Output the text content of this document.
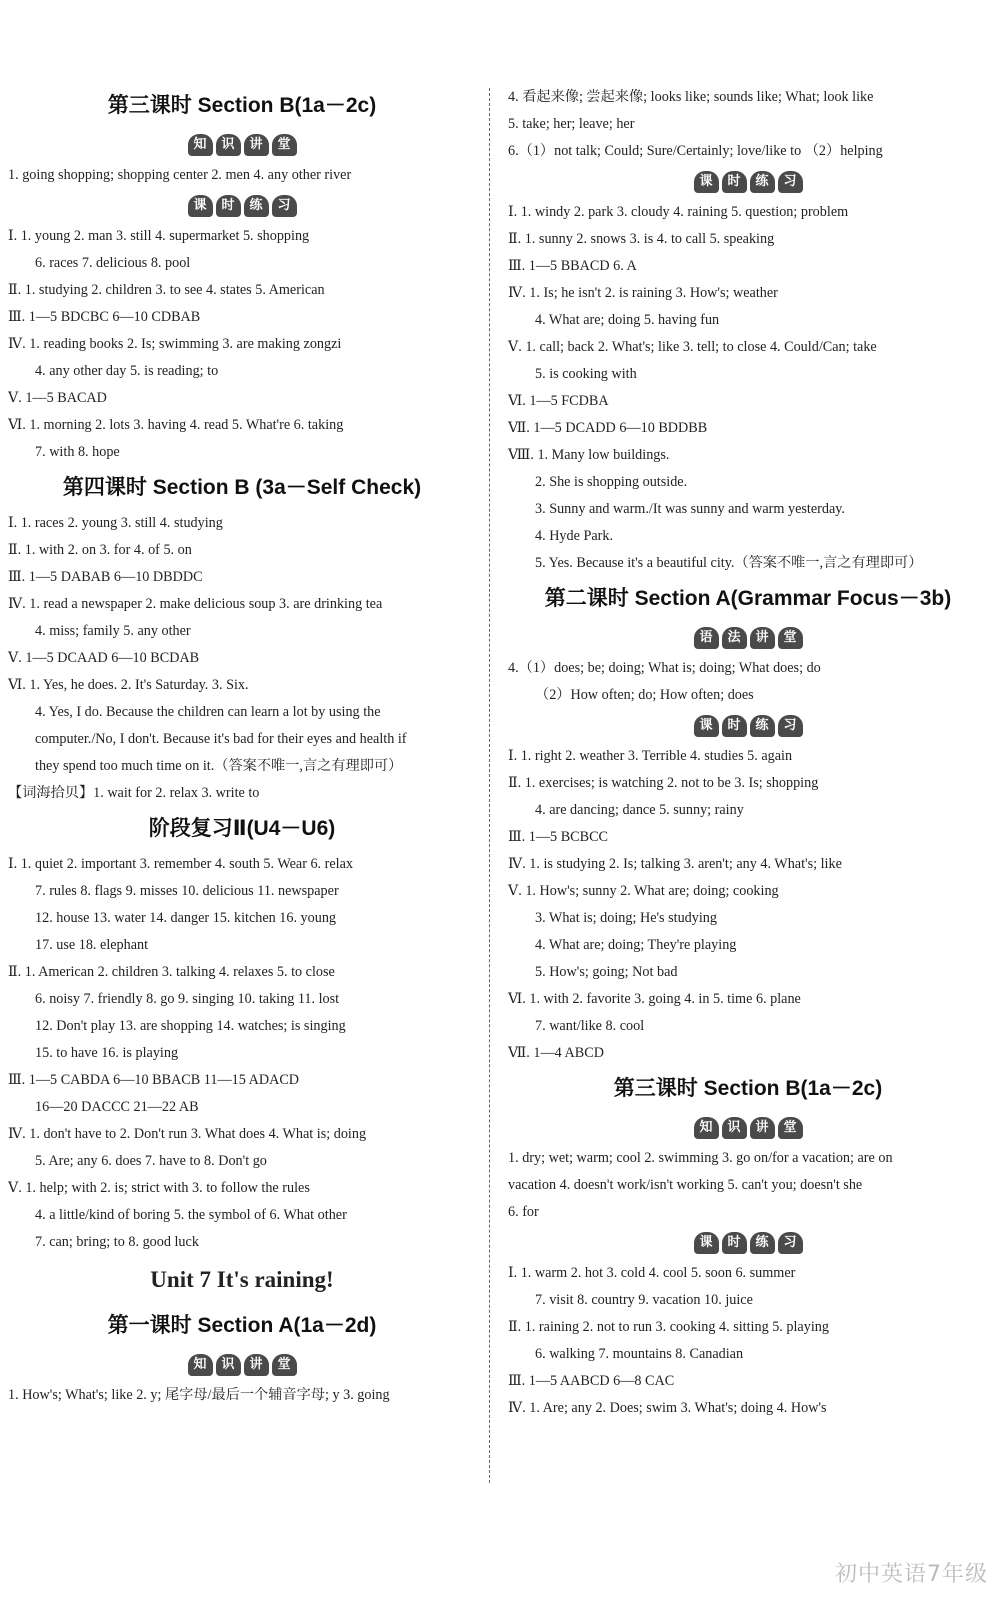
第三课时 Section B(1a－2c)
知	识	讲	堂
1. going shopping; shopping center 2. men 4. any other river
课	时	练	习
Ⅰ. 1. young 2. man 3. still 4. supermarket 5. shopping
6. races 7. delicious 8. pool
Ⅱ. 1. studying 2. children 3. to see 4. states 5. American
Ⅲ. 1—5 BDCBC 6—10 CDBAB
Ⅳ. 1. reading books 2. Is; swimming 3. are making zongzi
4. any other day 5. is reading; to
Ⅴ. 1—5 BACAD
Ⅵ. 1. morning 2. lots 3. having 4. read 5. What're 6. taking
7. with 8. hope
第四课时 Section B (3a－Self Check)
Ⅰ. 1. races 2. young 3. still 4. studying
Ⅱ. 1. with 2. on 3. for 4. of 5. on
Ⅲ. 1—5 DABAB 6—10 DBDDC
Ⅳ. 1. read a newspaper 2. make delicious soup 3. are drinking tea
4. miss; family 5. any other
Ⅴ. 1—5 DCAAD 6—10 BCDAB
Ⅵ. 1. Yes, he does. 2. It's Saturday. 3. Six.
4. Yes, I do. Because the children can learn a lot by using the
computer./No, I don't. Because it's bad for their eyes and health if
they spend too much time on it.（答案不唯一,言之有理即可）
【词海拾贝】1. wait for 2. relax 3. write to
阶段复习Ⅱ(U4－U6)
Ⅰ. 1. quiet 2. important 3. remember 4. south 5. Wear 6. relax
7. rules 8. flags 9. misses 10. delicious 11. newspaper
12. house 13. water 14. danger 15. kitchen 16. young
17. use 18. elephant
Ⅱ. 1. American 2. children 3. talking 4. relaxes 5. to close
6. noisy 7. friendly 8. go 9. singing 10. taking 11. lost
12. Don't play 13. are shopping 14. watches; is singing
15. to have 16. is playing
Ⅲ. 1—5 CABDA 6—10 BBACB 11—15 ADACD
16—20 DACCC 21—22 AB
Ⅳ. 1. don't have to 2. Don't run 3. What does 4. What is; doing
5. Are; any 6. does 7. have to 8. Don't go
Ⅴ. 1. help; with 2. is; strict with 3. to follow the rules
4. a little/kind of boring 5. the symbol of 6. What other
7. can; bring; to 8. good luck
Unit 7 It's raining!
第一课时 Section A(1a－2d)
知	识	讲	堂
1. How's; What's; like 2. y; 尾字母/最后一个辅音字母; y 3. going
4. 看起来像; 尝起来像; looks like; sounds like; What; look like
5. take; her; leave; her
6.（1）not talk; Could; Sure/Certainly; love/like to （2）helping
课	时	练	习
Ⅰ. 1. windy 2. park 3. cloudy 4. raining 5. question; problem
Ⅱ. 1. sunny 2. snows 3. is 4. to call 5. speaking
Ⅲ. 1—5 BBACD 6. A
Ⅳ. 1. Is; he isn't 2. is raining 3. How's; weather
4. What are; doing 5. having fun
Ⅴ. 1. call; back 2. What's; like 3. tell; to close 4. Could/Can; take
5. is cooking with
Ⅵ. 1—5 FCDBA
Ⅶ. 1—5 DCADD 6—10 BDDBB
Ⅷ. 1. Many low buildings.
2. She is shopping outside.
3. Sunny and warm./It was sunny and warm yesterday.
4. Hyde Park.
5. Yes. Because it's a beautiful city.（答案不唯一,言之有理即可）
第二课时 Section A(Grammar Focus－3b)
语	法	讲	堂
4.（1）does; be; doing; What is; doing; What does; do
（2）How often; do; How often; does
课	时	练	习
Ⅰ. 1. right 2. weather 3. Terrible 4. studies 5. again
Ⅱ. 1. exercises; is watching 2. not to be 3. Is; shopping
4. are dancing; dance 5. sunny; rainy
Ⅲ. 1—5 BCBCC
Ⅳ. 1. is studying 2. Is; talking 3. aren't; any 4. What's; like
Ⅴ. 1. How's; sunny 2. What are; doing; cooking
3. What is; doing; He's studying
4. What are; doing; They're playing
5. How's; going; Not bad
Ⅵ. 1. with 2. favorite 3. going 4. in 5. time 6. plane
7. want/like 8. cool
Ⅶ. 1—4 ABCD
第三课时 Section B(1a－2c)
知	识	讲	堂
1. dry; wet; warm; cool 2. swimming 3. go on/for a vacation; are on
vacation 4. doesn't work/isn't working 5. can't you; doesn't she
6. for
课	时	练	习
Ⅰ. 1. warm 2. hot 3. cold 4. cool 5. soon 6. summer
7. visit 8. country 9. vacation 10. juice
Ⅱ. 1. raining 2. not to run 3. cooking 4. sitting 5. playing
6. walking 7. mountains 8. Canadian
Ⅲ. 1—5 AABCD 6—8 CAC
Ⅳ. 1. Are; any 2. Does; swim 3. What's; doing 4. How's
初中英语7年级
